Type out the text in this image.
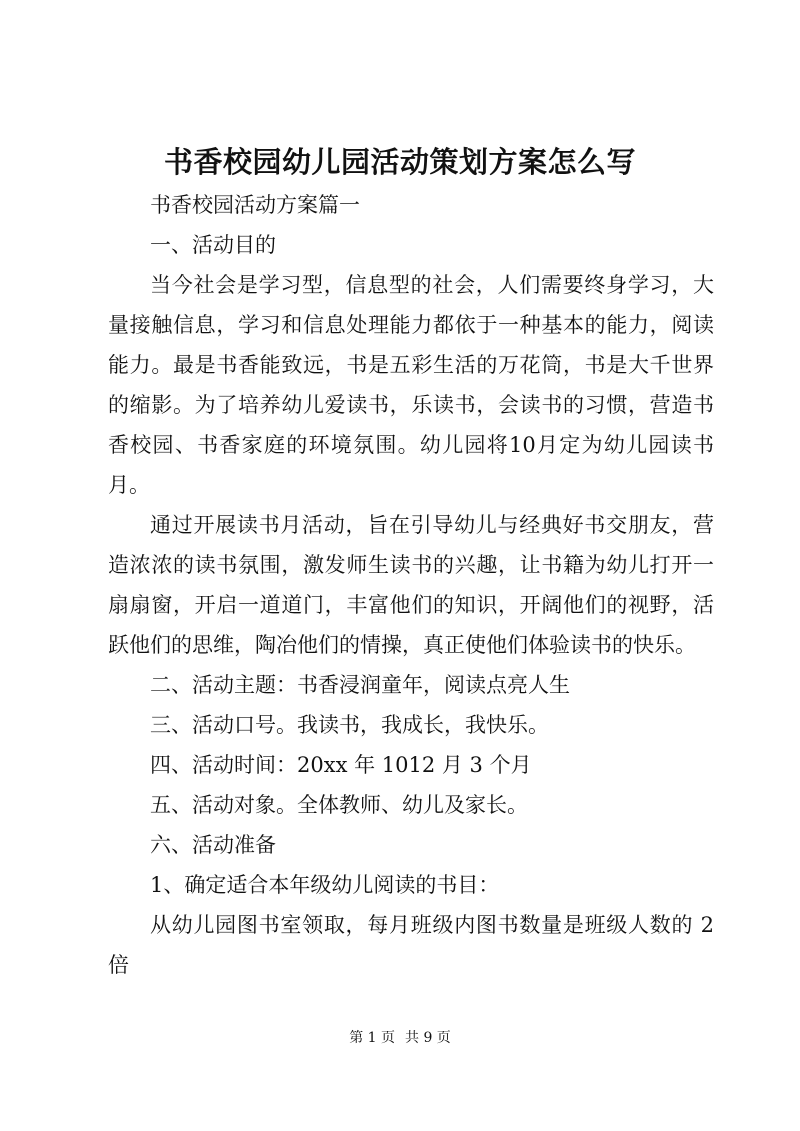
书香校园幼儿园活动策划方案怎么写

书香校园活动方案篇一

一、活动目的

当今社会是学习型，信息型的社会，人们需要终身学习，大量接触信息，学习和信息处理能力都依于一种基本的能力，阅读能力。最是书香能致远，书是五彩生活的万花筒，书是大千世界的缩影。为了培养幼儿爱读书，乐读书，会读书的习惯，营造书香校园、书香家庭的环境氛围。幼儿园将10月定为幼儿园读书月。

通过开展读书月活动，旨在引导幼儿与经典好书交朋友，营造浓浓的读书氛围，激发师生读书的兴趣，让书籍为幼儿打开一扇扇窗，开启一道道门，丰富他们的知识，开阔他们的视野，活跃他们的思维，陶冶他们的情操，真正使他们体验读书的快乐。

二、活动主题：书香浸润童年，阅读点亮人生

三、活动口号。我读书，我成长，我快乐。

四、活动时间：20xx 年 1012 月 3 个月

五、活动对象。全体教师、幼儿及家长。

六、活动准备

1、确定适合本年级幼儿阅读的书目：

从幼儿园图书室领取，每月班级内图书数量是班级人数的 2 倍

第 1 页 共 9 页
